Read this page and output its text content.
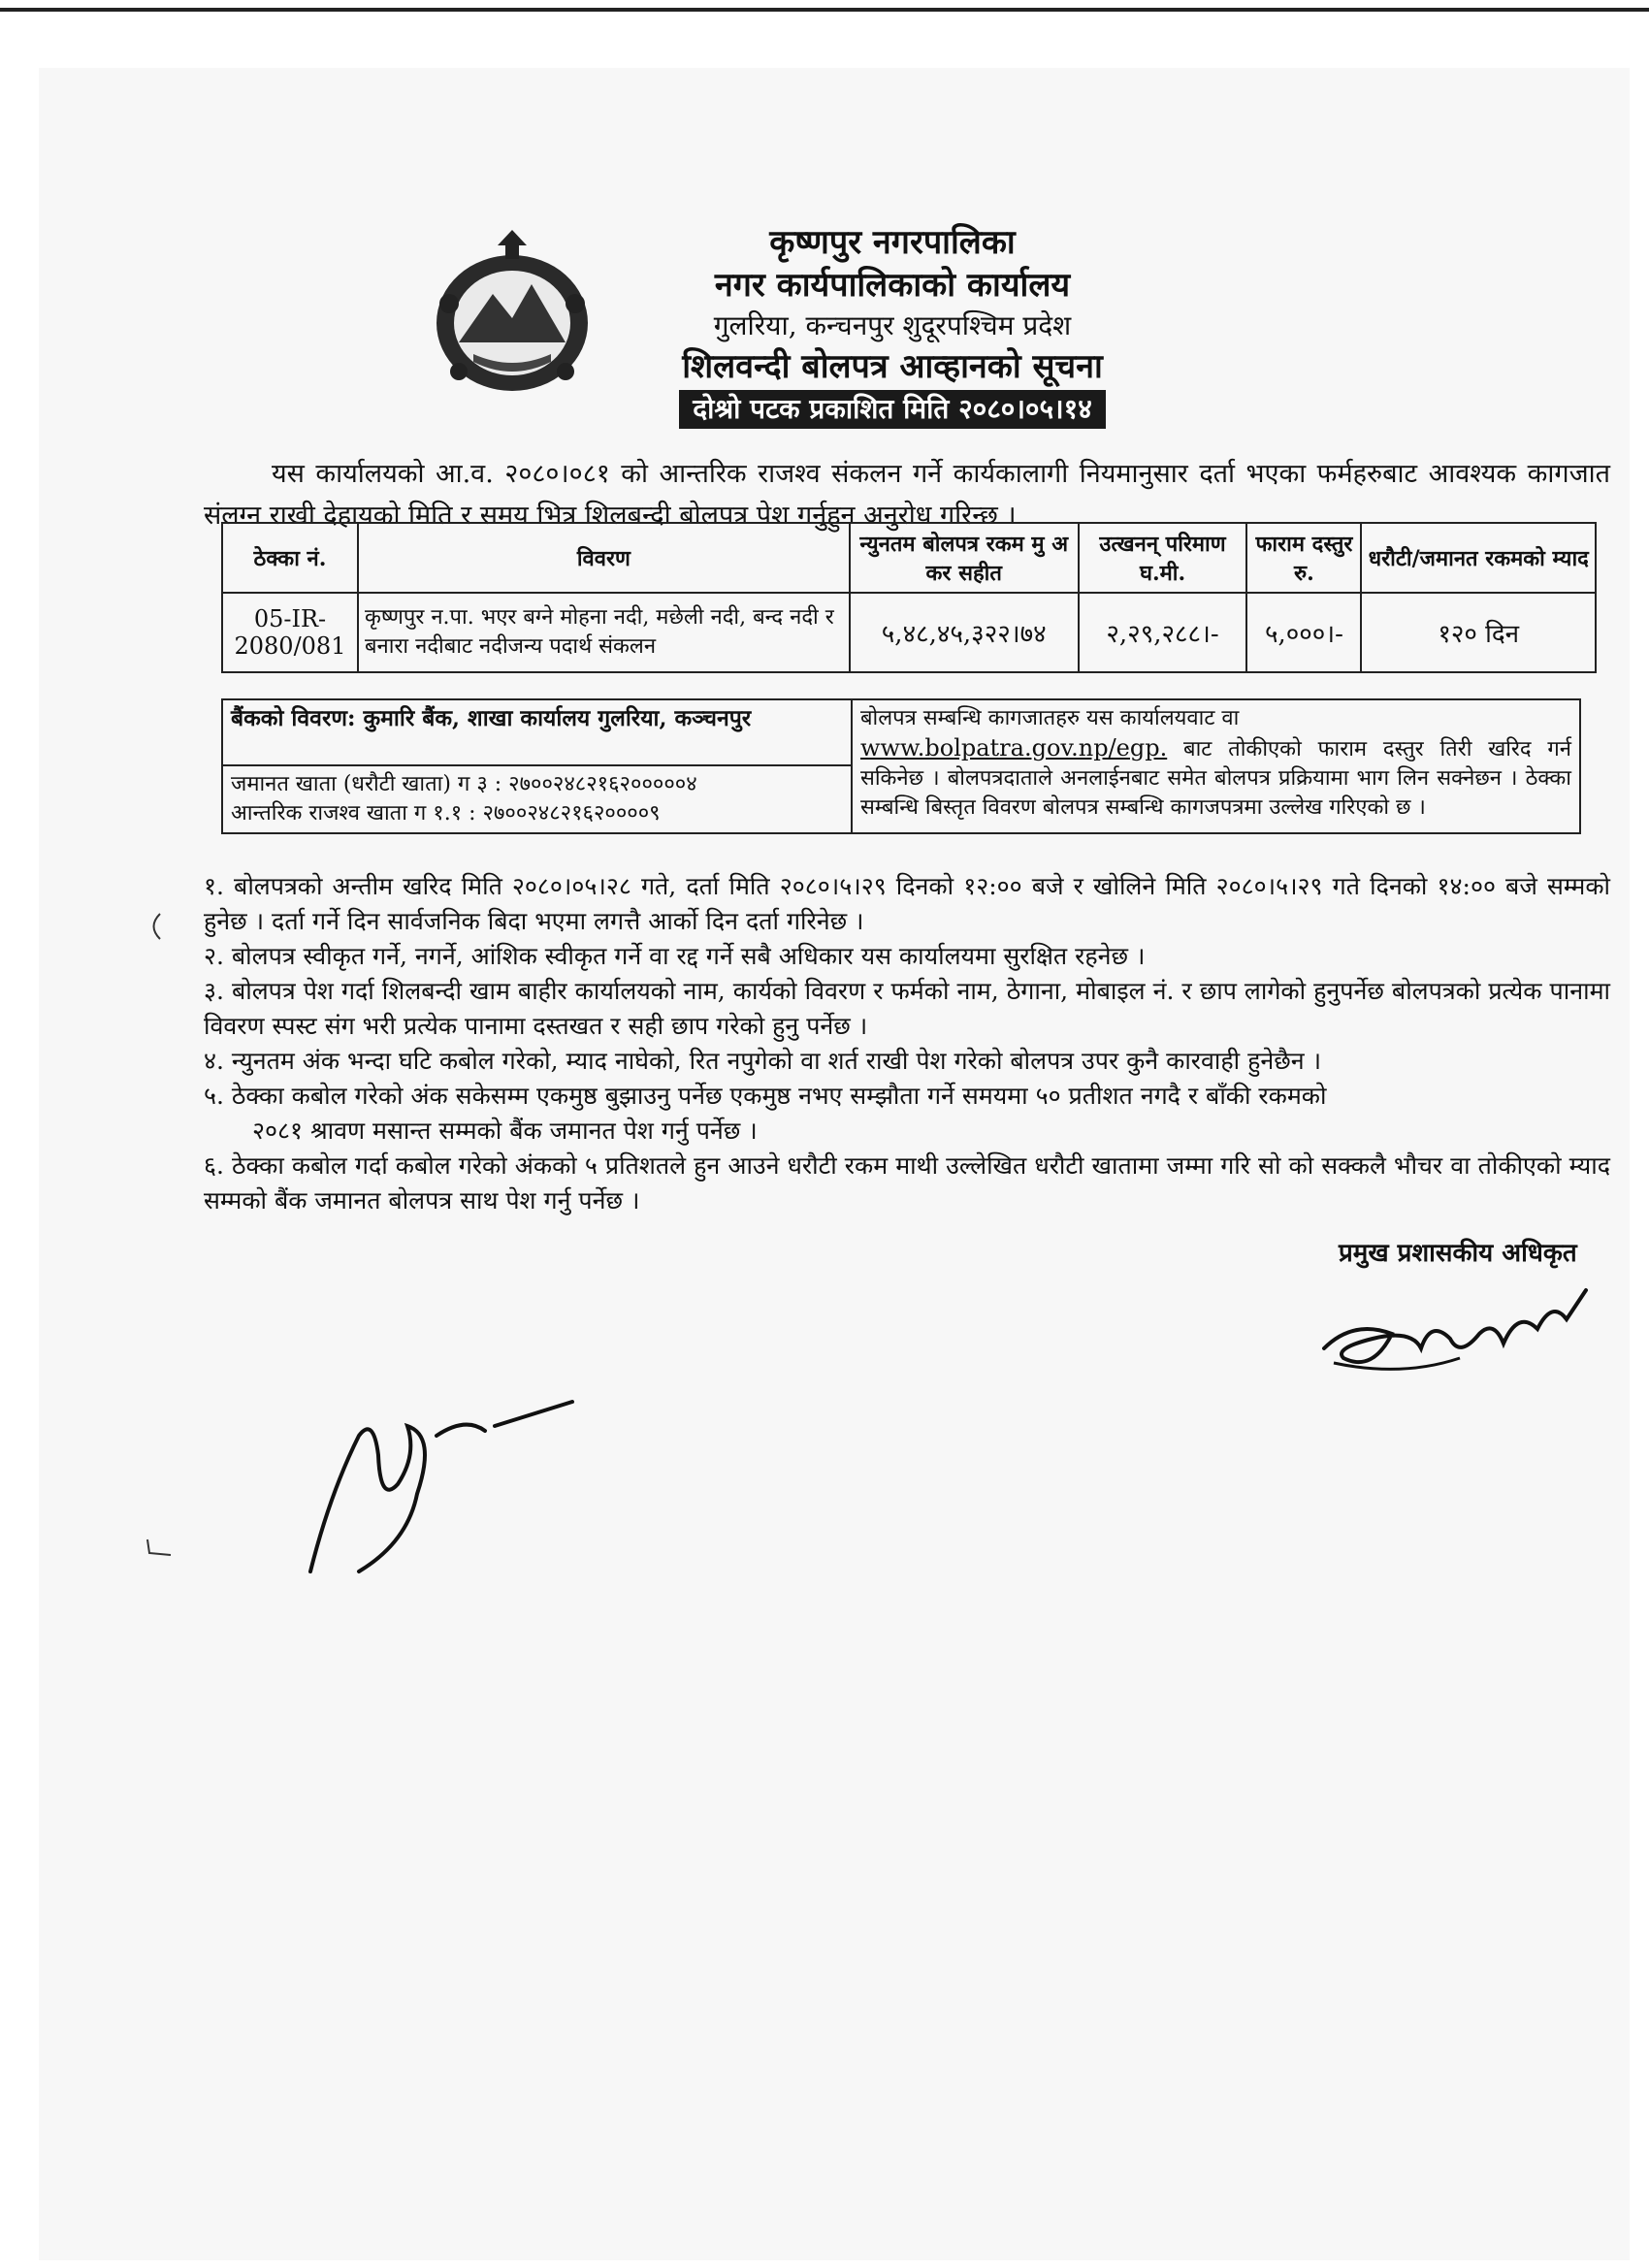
कृष्णपुर नगरपालिका
नगर कार्यपालिकाको कार्यालय
गुलरिया, कन्चनपुर शुदूरपश्चिम प्रदेश
शिलवन्दी बोलपत्र आव्हानको सूचना
दोश्रो पटक प्रकाशित मिति २०८०।०५।१४

यस कार्यालयको आ.व. २०८०।०८१ को आन्तरिक राजश्व संकलन गर्ने कार्यकालागी नियमानुसार दर्ता भएका फर्महरुबाट आवश्यक कागजात संलग्न राखी देहायको मिति र समय भित्र शिलबन्दी बोलपत्र पेश गर्नुहुन अनुरोध गरिन्छ ।

ठेक्का नं.	विवरण	न्युनतम बोलपत्र रकम मु अ कर सहीत	उत्खनन् परिमाण घ.मी.	फाराम दस्तुर रु.	धरौटी/जमानत रकमको म्याद
05-IR-2080/081	कृष्णपुर न.पा. भएर बग्ने मोहना नदी, मछेली नदी, बन्द नदी र बनारा नदीबाट नदीजन्य पदार्थ संकलन	५,४८,४५,३२२।७४	२,२९,२८८।-	५,०००।-	१२० दिन
बैंकको विवरण: कुमारि बैंक, शाखा कार्यालय गुलरिया, कञ्चनपुर	बोलपत्र सम्बन्धि कागजातहरु यस कार्यालयवाट वा
www.bolpatra.gov.np/egp. बाट तोकीएको फाराम दस्तुर तिरी खरिद गर्न सकिनेछ । बोलपत्रदाताले अनलाईनबाट समेत बोलपत्र प्रक्रियामा भाग लिन सक्नेछन । ठेक्का सम्बन्धि बिस्तृत विवरण बोलपत्र सम्बन्धि कागजपत्रमा उल्लेख गरिएको छ ।

जमानत खाता (धरौटी खाता) ग ३ : २७००२४८२१६२०००००४
आन्तरिक राजश्व खाता ग १.१ : २७००२४८२१६२००००९

१. बोलपत्रको अन्तीम खरिद मिति २०८०।०५।२८ गते, दर्ता मिति २०८०।५।२९ दिनको १२:०० बजे र खोलिने मिति २०८०।५।२९ गते दिनको १४:०० बजे सम्मको हुनेछ । दर्ता गर्ने दिन सार्वजनिक बिदा भएमा लगत्तै आर्को दिन दर्ता गरिनेछ ।

२. बोलपत्र स्वीकृत गर्ने, नगर्ने, आंशिक स्वीकृत गर्ने वा रद्द गर्ने सबै अधिकार यस कार्यालयमा सुरक्षित रहनेछ ।

३. बोलपत्र पेश गर्दा शिलबन्दी खाम बाहीर कार्यालयको नाम, कार्यको विवरण र फर्मको नाम, ठेगाना, मोबाइल नं. र छाप लागेको हुनुपर्नेछ बोलपत्रको प्रत्येक पानामा विवरण स्पस्ट संग भरी प्रत्येक पानामा दस्तखत र सही छाप गरेको हुनु पर्नेछ ।

४. न्युनतम अंक भन्दा घटि कबोल गरेको, म्याद नाघेको, रित नपुगेको वा शर्त राखी पेश गरेको बोलपत्र उपर कुनै कारवाही हुनेछैन ।

५. ठेक्का कबोल गरेको अंक सकेसम्म एकमुष्ठ बुझाउनु पर्नेछ एकमुष्ठ नभए सम्झौता गर्ने समयमा ५० प्रतीशत नगदै र बाँकी रकमको

२०८१ श्रावण मसान्त सम्मको बैंक जमानत पेश गर्नु पर्नेछ ।

६. ठेक्का कबोल गर्दा कबोल गरेको अंकको ५ प्रतिशतले हुन आउने धरौटी रकम माथी उल्लेखित धरौटी खातामा जम्मा गरि सो को सक्कलै भौचर वा तोकीएको म्याद सम्मको बैंक जमानत बोलपत्र साथ पेश गर्नु पर्नेछ ।

प्रमुख प्रशासकीय अधिकृत
